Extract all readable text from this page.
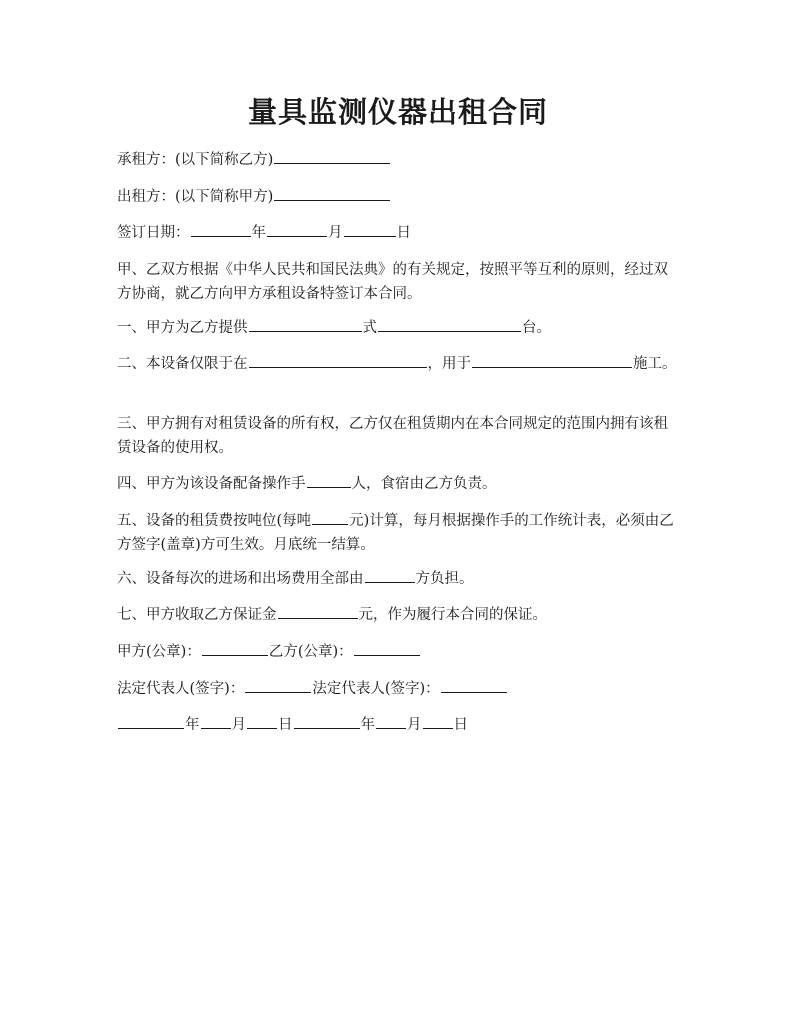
量具监测仪器出租合同

承租方：(以下简称乙方)

出租方：(以下简称甲方)

签订日期：	年	月	日

甲、乙双方根据《中华人民共和国民法典》的有关规定，按照平等互利的原则，经过双方协商，就乙方向甲方承租设备特签订本合同。

一、甲方为乙方提供	式	台。

二、本设备仅限于在	，用于	施工。

三、甲方拥有对租赁设备的所有权，乙方仅在租赁期内在本合同规定的范围内拥有该租赁设备的使用权。

四、甲方为该设备配备操作手	人，食宿由乙方负责。

五、设备的租赁费按吨位(每吨	元)计算，每月根据操作手的工作统计表，必须由乙方签字(盖章)方可生效。月底统一结算。

六、设备每次的进场和出场费用全部由	方负担。

七、甲方收取乙方保证金	元，作为履行本合同的保证。

甲方(公章)：	乙方(公章)：

法定代表人(签字)：	法定代表人(签字)：

年 月 日	年 月 日
